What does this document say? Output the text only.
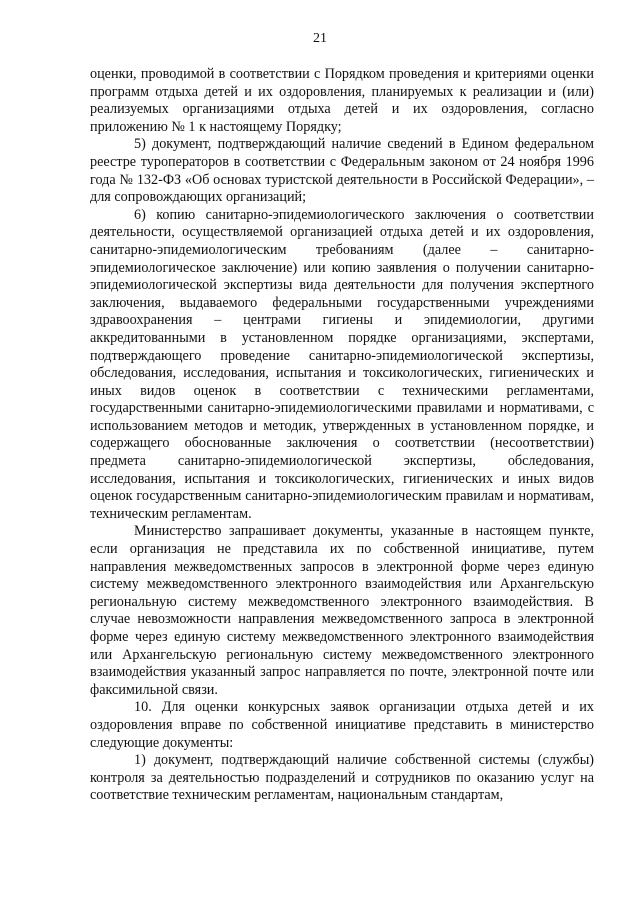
21

оценки, проводимой в соответствии с Порядком проведения и критериями оценки программ отдыха детей и их оздоровления, планируемых к реализации и (или) реализуемых организациями отдыха детей и их оздоровления, согласно приложению № 1 к настоящему Порядку;

5) документ, подтверждающий наличие сведений в Едином федеральном реестре туроператоров в соответствии с Федеральным законом от 24 ноября 1996 года № 132-ФЗ «Об основах туристской деятельности в Российской Федерации», – для сопровождающих организаций;

6) копию санитарно-эпидемиологического заключения о соответствии деятельности, осуществляемой организацией отдыха детей и их оздоровления, санитарно-эпидемиологическим требованиям (далее – санитарно-эпидемиологическое заключение) или копию заявления о получении санитарно-эпидемиологической экспертизы вида деятельности для получения экспертного заключения, выдаваемого федеральными государственными учреждениями здравоохранения – центрами гигиены и эпидемиологии, другими аккредитованными в установленном порядке организациями, экспертами, подтверждающего проведение санитарно-эпидемиологической экспертизы, обследования, исследования, испытания и токсикологических, гигиенических и иных видов оценок в соответствии с техническими регламентами, государственными санитарно-эпидемиологическими правилами и нормативами, с использованием методов и методик, утвержденных в установленном порядке, и содержащего обоснованные заключения о соответствии (несоответствии) предмета санитарно-эпидемиологической экспертизы, обследования, исследования, испытания и токсикологических, гигиенических и иных видов оценок государственным санитарно-эпидемиологическим правилам и нормативам, техническим регламентам.

Министерство запрашивает документы, указанные в настоящем пункте, если организация не представила их по собственной инициативе, путем направления межведомственных запросов в электронной форме через единую систему межведомственного электронного взаимодействия или Архангельскую региональную систему межведомственного электронного взаимодействия. В случае невозможности направления межведомственного запроса в электронной форме через единую систему межведомственного электронного взаимодействия или Архангельскую региональную систему межведомственного электронного взаимодействия указанный запрос направляется по почте, электронной почте или факсимильной связи.

10. Для оценки конкурсных заявок организации отдыха детей и их оздоровления вправе по собственной инициативе представить в министерство следующие документы:

1) документ, подтверждающий наличие собственной системы (службы) контроля за деятельностью подразделений и сотрудников по оказанию услуг на соответствие техническим регламентам, национальным стандартам,
